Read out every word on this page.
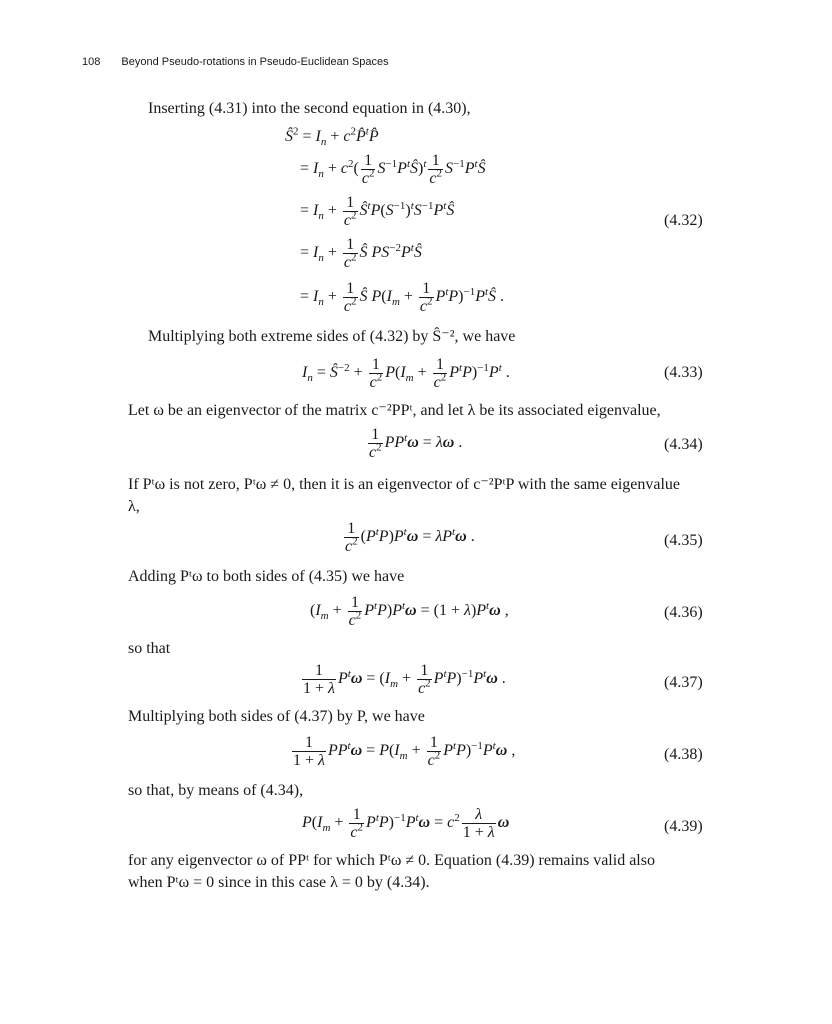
108 Beyond Pseudo-rotations in Pseudo-Euclidean Spaces
Inserting (4.31) into the second equation in (4.30),
$Ŝ^2 = I_n$ + $c^2P̂^tP̂$
= $I_n + c^2( \frac{1}{c^2}$ $S^{-1}P^tŜ)^t \frac{1}{c^2}$ $S^{-1}P^tŜ$
= $I_n + \frac{1}{c^2}$ $Ŝ^tP(S^{-1})^tS^{-1}P^tŜ$
= $I_n + \frac{1}{c^2}$ Ŝ $PS^{-2}P^tŜ$
= $I_n + \frac{1}{c^2}$ Ŝ $P(I_m + \frac{1}{c^2}$ $P^tP)^{-1}P^tŜ$ .
(4.32)
Multiplying both extreme sides of (4.32) by Ŝ⁻², we have
$I_n$ = $Ŝ^{-2} + \frac{1}{c^2} P(I_m + \frac{1}{c^2} P^tP)^{-1}P^t$ .	(4.33)
Let ω be an eigenvector of the matrix c⁻²PPᵗ, and let λ be its associated eigenvalue,
$\frac{1}{c^2} PP^t\omega = \lambda\omega$ .	(4.34)
If Pᵗω is not zero, Pᵗω ≠ 0, then it is an eigenvector of c⁻²PᵗP with the same eigenvalue
λ,
$\frac{1}{c^2} (P^tP)P^t\omega = \lambda P^t\omega$ .	(4.35)
Adding Pᵗω to both sides of (4.35) we have
$(I_m + \frac{1}{c^2} P^tP)P^t\omega = (1 + \lambda)P^t\omega$ ,	(4.36)
so that
$\frac{1}{1 + \lambda} P^t\omega = (I_m + \frac{1}{c^2} P^tP)^{-1}P^t\omega$ .	(4.37)
Multiplying both sides of (4.37) by P, we have
$\frac{1}{1 + \lambda} PP^t\omega = P(I_m + \frac{1}{c^2} P^tP)^{-1}P^t\omega$ ,	(4.38)
so that, by means of (4.34),
$P(I_m + \frac{1}{c^2} P^tP)^{-1}P^t\omega = c^2 \frac{\lambda}{1 + \lambda}$ ω	(4.39)
for any eigenvector ω of PPᵗ for which Pᵗω ≠ 0. Equation (4.39) remains valid also
when Pᵗω = 0 since in this case λ = 0 by (4.34).
